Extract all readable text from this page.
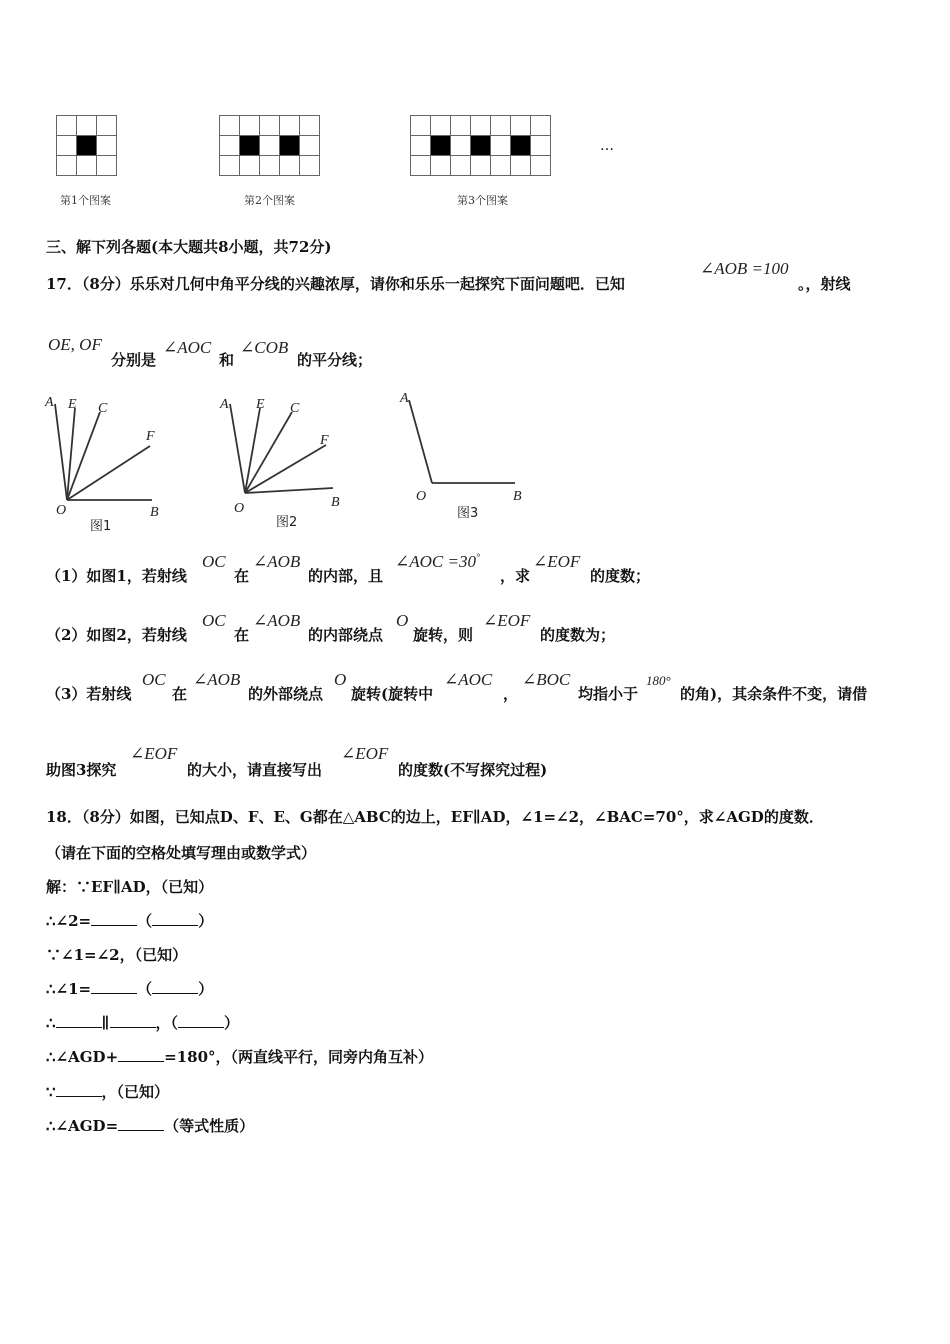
第1个图案

					第2个图案

							第3个图案
…
三、解下列各题(本大题共8小题，共72分)
17．（8分）乐乐对几何中角平分线的兴趣浓厚，请你和乐乐一起探究下面问题吧．已知
∠AOB =100
。，射线
OE, OF
分别是
∠AOC
和
∠COB
的平分线；
A E C
F
O	B
图1
A E C
F
O	B
图2
A
O	B
图3
（1）如图1，若射线
OC
在
∠AOB
的内部，且
∠AOC =30°
，求
∠EOF
的度数；
（2）如图2，若射线
OC
在
∠AOB
的内部绕点
O
旋转，则
∠EOF
的度数为；
（3）若射线
OC
在
∠AOB
的外部绕点
O
旋转(旋转中
∠AOC
，
∠BOC
均指小于
180°
的角)，其余条件不变，请借
助图3探究
∠EOF
的大小，请直接写出
∠EOF
的度数(不写探究过程)
18．（8分）如图，已知点D、F、E、G都在△ABC的边上，EF∥AD，∠1=∠2，∠BAC=70°，求∠AGD的度数．
（请在下面的空格处填写理由或数学式）
解：∵EF∥AD，（已知）
∴∠2=	（	）
∵∠1=∠2，（已知）
∴∠1=	（	）
∴	∥	，（	）
∴∠AGD+	=180°，（两直线平行，同旁内角互补）
∵	，（已知）
∴∠AGD=	（等式性质）
